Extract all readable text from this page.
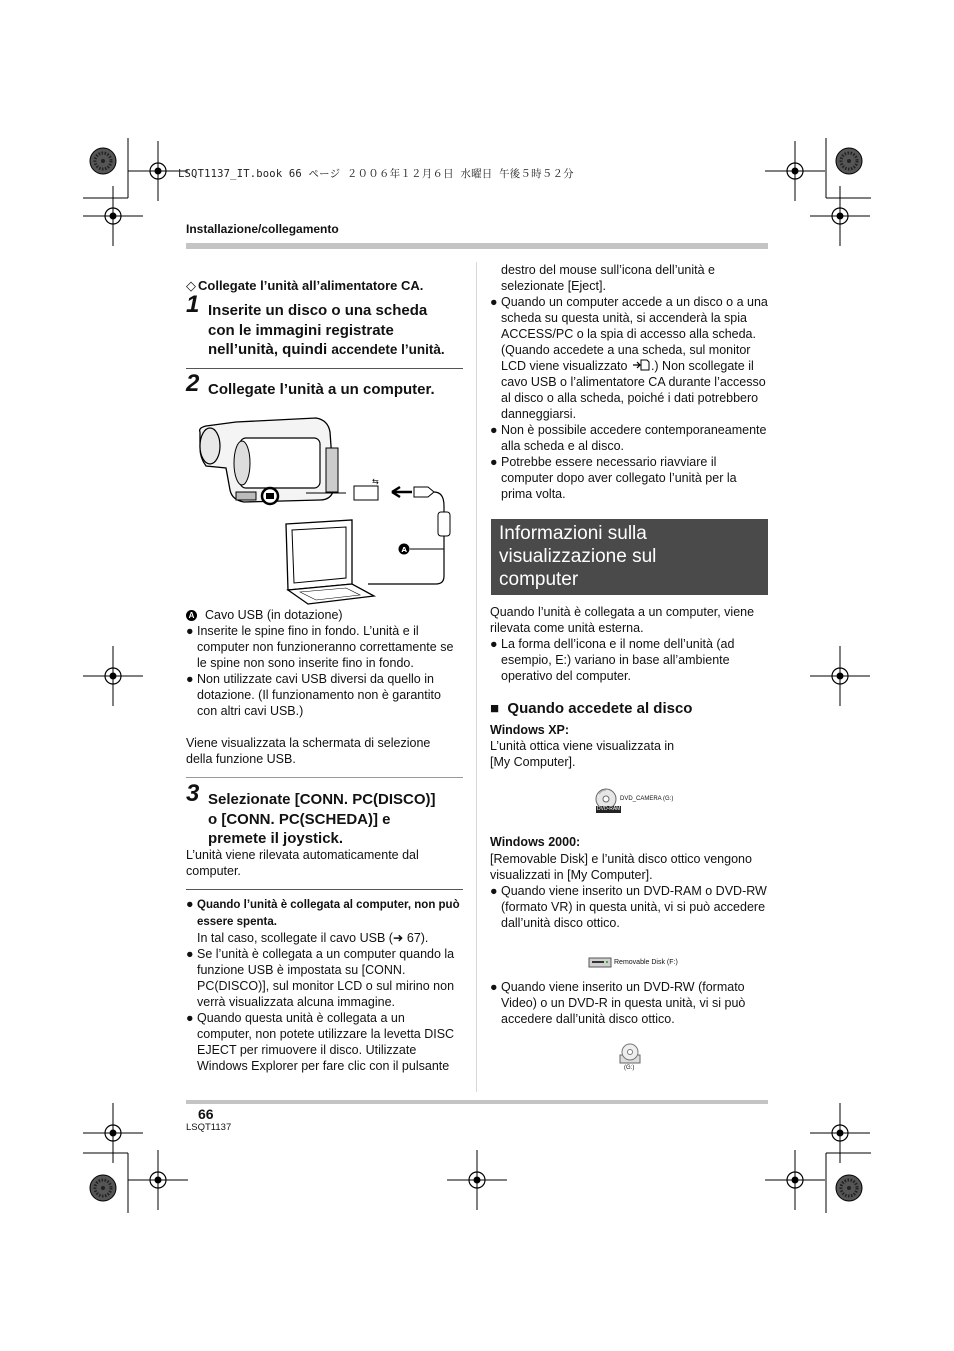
LSQT1137_IT.book 66 ページ ２００６年１２月６日 水曜日 午後５時５２分
Installazione/collegamento
◇ Collegate l’unità all’alimentatore CA.
1 Inserite un disco o una scheda
con le immagini registrate
nell’unità, quindi accendete l’unità.
2 Collegate l’unità a un computer.
⇆
A
A Cavo USB (in dotazione)
● Inserite le spine fino in fondo. L’unità e il computer non funzioneranno correttamente se le spine non sono inserite fino in fondo.
● Non utilizzate cavi USB diversi da quello in dotazione. (Il funzionamento non è garantito con altri cavi USB.)
Viene visualizzata la schermata di selezione
della funzione USB.
3 Selezionate [CONN. PC(DISCO)]
o [CONN. PC(SCHEDA)] e
premete il joystick.
L’unità viene rilevata automaticamente dal
computer.
● Quando l’unità è collegata al computer, non può essere spenta.
In tal caso, scollegate il cavo USB (➜ 67).
● Se l’unità è collegata a un computer quando la funzione USB è impostata su [CONN. PC(DISCO)], sul monitor LCD o sul mirino non verrà visualizzata alcuna immagine.
● Quando questa unità è collegata a un computer, non potete utilizzare la levetta DISC EJECT per rimuovere il disco. Utilizzate Windows Explorer per fare clic con il pulsante
destro del mouse sull’icona dell’unità e
selezionate [Eject].
● Quando un computer accede a un disco o a una scheda su questa unità, si accenderà la spia ACCESS/PC o la spia di accesso alla scheda. (Quando accedete a una scheda, sul monitor LCD viene visualizzato .) Non scollegate il cavo USB o l’alimentatore CA durante l’accesso al disco o alla scheda, poiché i dati potrebbero danneggiarsi.
● Non è possibile accedere contemporaneamente alla scheda e al disco.
● Potrebbe essere necessario riavviare il computer dopo aver collegato l’unità per la prima volta.
Informazioni sulla
visualizzazione sul
computer
Quando l’unità è collegata a un computer, viene
rilevata come unità esterna.
● La forma dell’icona e il nome dell’unità (ad esempio, E:) variano in base all’ambiente operativo del computer.
■ Quando accedete al disco
Windows XP:
L’unità ottica viene visualizzata in
[My Computer].
DVD-RAM
DVD_CAMERA (G:)
Windows 2000:
[Removable Disk] e l’unità disco ottico vengono
visualizzati in [My Computer].
● Quando viene inserito un DVD-RAM o DVD-RW (formato VR) in questa unità, vi si può accedere dall’unità disco ottico.
Removable Disk (F:)
● Quando viene inserito un DVD-RW (formato Video) o un DVD-R in questa unità, vi si può accedere dall’unità disco ottico.
(G:)
66
LSQT1137
